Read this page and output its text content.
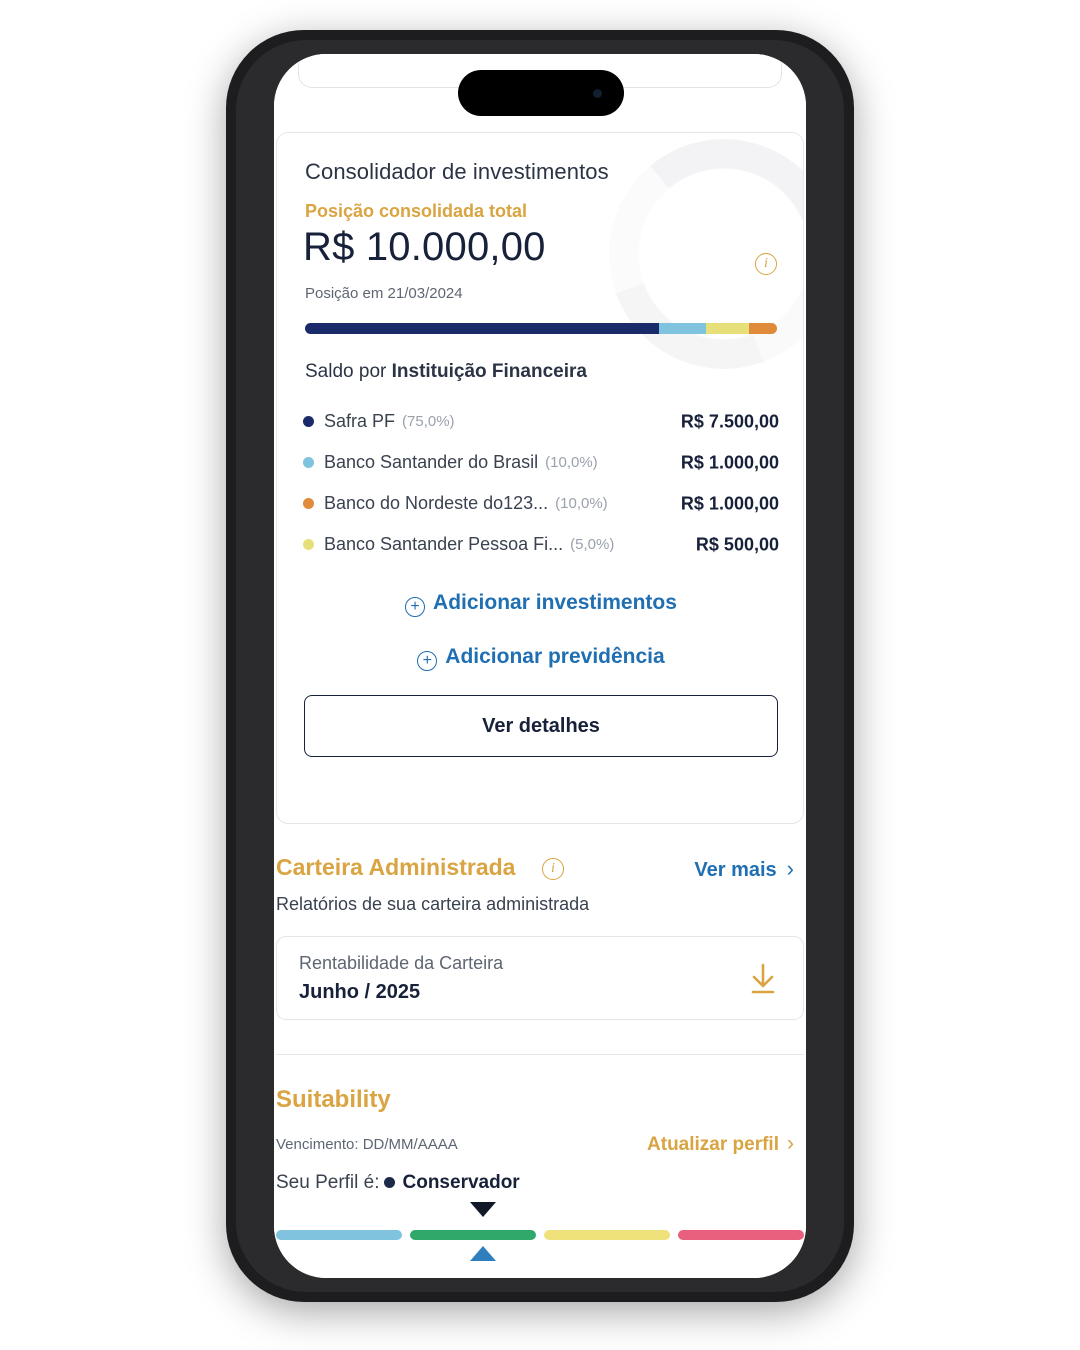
Consolidador de investimentos
Posição consolidada total
R$ 10.000,00	i
Posição em 21/03/2024
Saldo por Instituição Financeira
Safra PF (75,0%)	R$ 7.500,00
Banco Santander do Brasil (10,0%)	R$ 1.000,00
Banco do Nordeste do123... (10,0%)	R$ 1.000,00
Banco Santander Pessoa Fi... (5,0%)	R$ 500,00
+ Adicionar investimentos
+ Adicionar previdência
Ver detalhes
Carteira Administrada	i	Ver mais ›
Relatórios de sua carteira administrada
Rentabilidade da Carteira
Junho / 2025
Suitability
Vencimento: DD/MM/AAAA	Atualizar perfil ›
Seu Perfil é: Conservador
